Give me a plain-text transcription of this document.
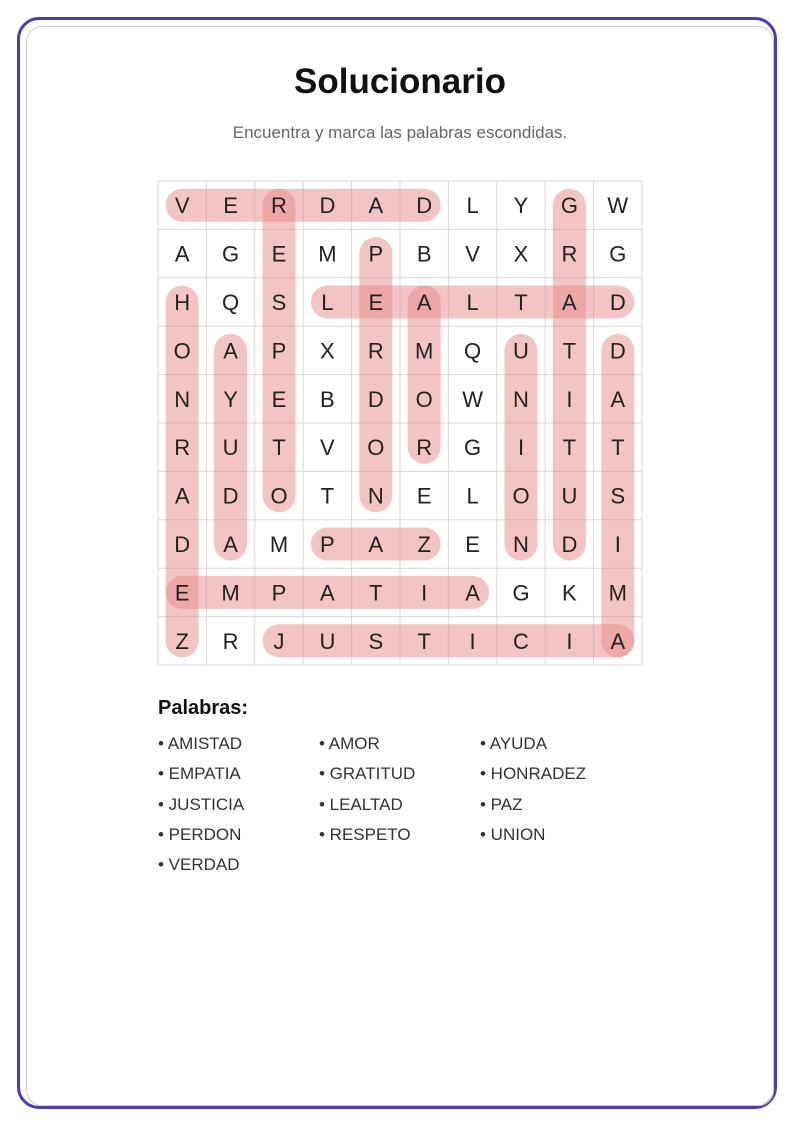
Solucionario
Encuentra y marca las palabras escondidas.
V E R D A D L Y G W
A G E M P B V X R G
H Q S L E A L T A D
O A P X R M Q U T D
N Y E B D O W N I A
R U T V O R G I T T
A D O T N E L O U S
D A M P A Z E N D I
E M P A T I A G K M
Z R J U S T I C I A
Palabras:
• AMISTAD	• AMOR	• AYUDA
• EMPATIA	• GRATITUD	• HONRADEZ
• JUSTICIA	• LEALTAD	• PAZ
• PERDON	• RESPETO	• UNION
• VERDAD
